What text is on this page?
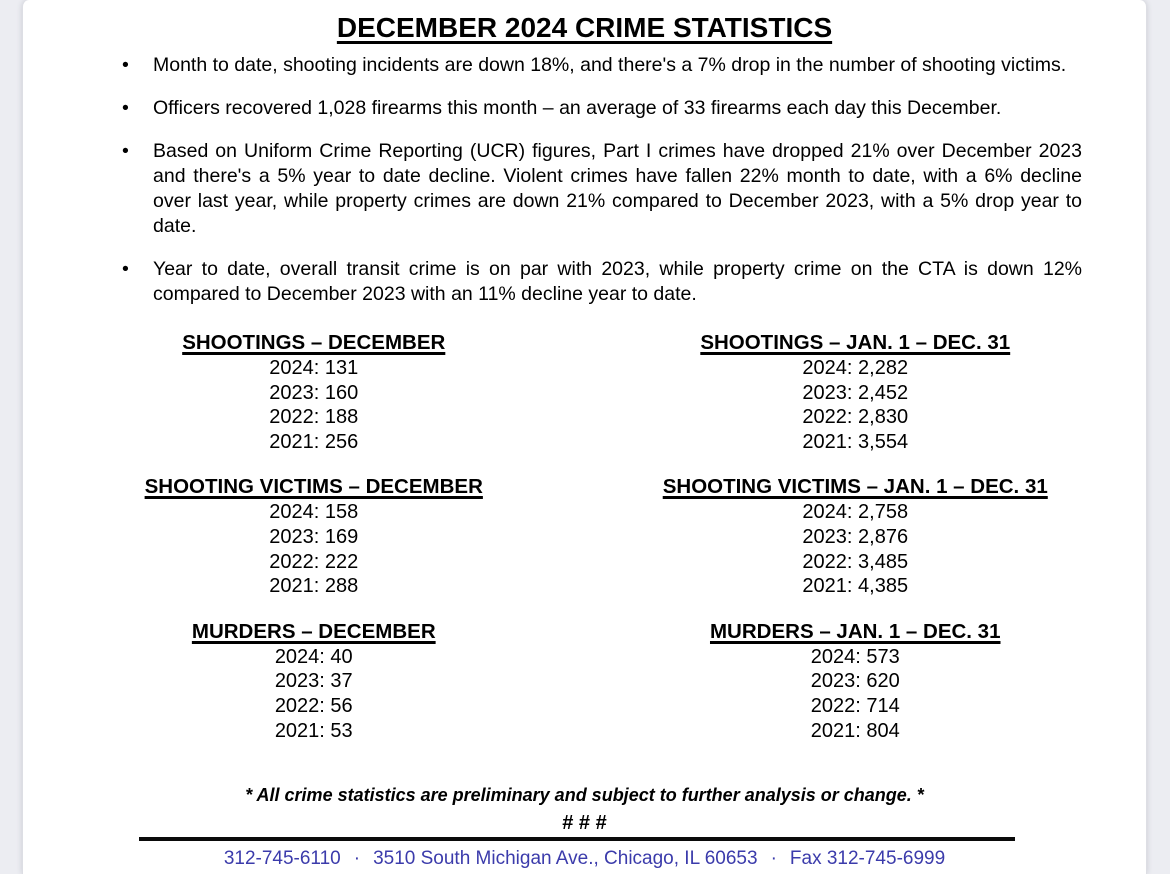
DECEMBER 2024 CRIME STATISTICS
• Month to date, shooting incidents are down 18%, and there's a 7% drop in the number of shooting victims.
• Officers recovered 1,028 firearms this month – an average of 33 firearms each day this December.
• Based on Uniform Crime Reporting (UCR) figures, Part I crimes have dropped 21% over December 2023 and there's a 5% year to date decline. Violent crimes have fallen 22% month to date, with a 6% decline over last year, while property crimes are down 21% compared to December 2023, with a 5% drop year to date.
• Year to date, overall transit crime is on par with 2023, while property crime on the CTA is down 12% compared to December 2023 with an 11% decline year to date.
SHOOTINGS – DECEMBER
2024: 131
2023: 160
2022: 188
2021: 256
SHOOTINGS – JAN. 1 – DEC. 31
2024: 2,282
2023: 2,452
2022: 2,830
2021: 3,554
SHOOTING VICTIMS – DECEMBER
2024: 158
2023: 169
2022: 222
2021: 288
SHOOTING VICTIMS – JAN. 1 – DEC. 31
2024: 2,758
2023: 2,876
2022: 3,485
2021: 4,385
MURDERS – DECEMBER
2024: 40
2023: 37
2022: 56
2021: 53
MURDERS – JAN. 1 – DEC. 31
2024: 573
2023: 620
2022: 714
2021: 804
* All crime statistics are preliminary and subject to further analysis or change. *
# # #
312-745-6110 · 3510 South Michigan Ave., Chicago, IL 60653 · Fax 312-745-6999
